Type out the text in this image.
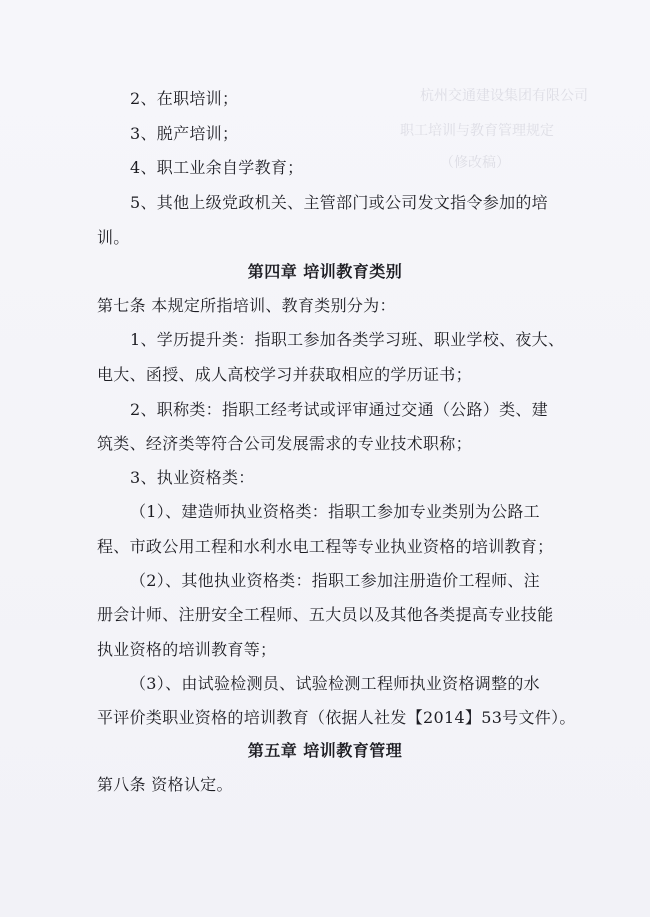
杭州交通建设集团有限公司
职工培训与教育管理规定
（修改稿）
2、在职培训；
3、脱产培训；
4、职工业余自学教育；
5、其他上级党政机关、主管部门或公司发文指令参加的培
训。
第四章 培训教育类别
第七条 本规定所指培训、教育类别分为：
1、学历提升类：指职工参加各类学习班、职业学校、夜大、
电大、函授、成人高校学习并获取相应的学历证书；
2、职称类：指职工经考试或评审通过交通（公路）类、建
筑类、经济类等符合公司发展需求的专业技术职称；
3、执业资格类：
（1）、建造师执业资格类：指职工参加专业类别为公路工
程、市政公用工程和水利水电工程等专业执业资格的培训教育；
（2）、其他执业资格类：指职工参加注册造价工程师、注
册会计师、注册安全工程师、五大员以及其他各类提高专业技能
执业资格的培训教育等；
（3）、由试验检测员、试验检测工程师执业资格调整的水
平评价类职业资格的培训教育（依据人社发【2014】53号文件）。
第五章 培训教育管理
第八条 资格认定。
